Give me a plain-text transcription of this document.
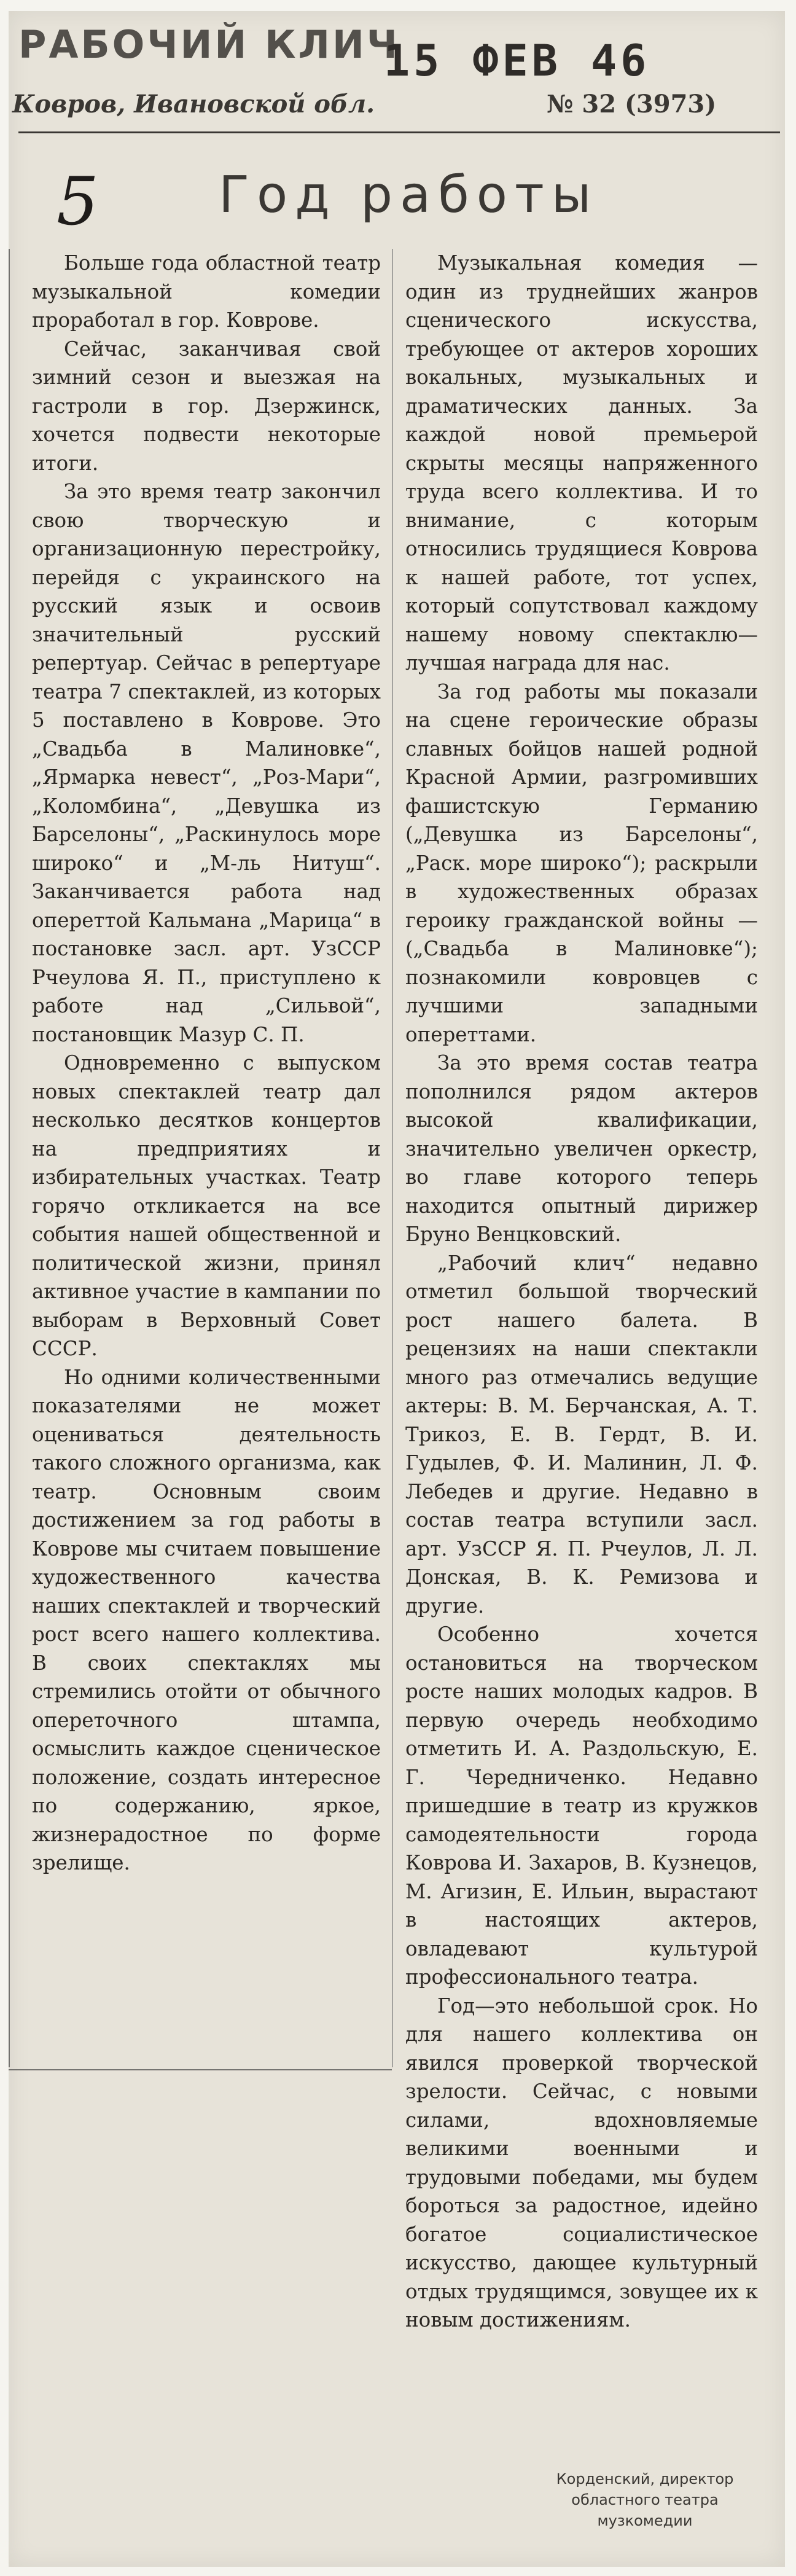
РАБОЧИЙ КЛИЧ
15 ФЕВ 46
Ковров, Ивановской обл.	№ 32 (3973)
5 Год работы

Больше года областной театр музыкальной комедии проработал в гор. Коврове.

Сейчас, заканчивая свой зимний сезон и выезжая на гастроли в гор. Дзержинск, хочется подвести некоторые итоги.

За это время театр закончил свою творческую и организационную перестройку, перейдя с украинского на русский язык и освоив значительный русский репертуар. Сейчас в репертуаре театра 7 спектаклей, из которых 5 поставлено в Коврове. Это „Свадьба в Малиновке“, „Ярмарка невест“, „Роз-Мари“, „Коломбина“, „Девушка из Барселоны“, „Раскинулось море широко“ и „М-ль Нитуш“. Заканчивается работа над опереттой Кальмана „Марица“ в постановке засл. арт. УзССР Рчеулова Я. П., приступлено к работе над „Сильвой“, постановщик Мазур С. П.

Одновременно с выпуском новых спектаклей театр дал несколько десятков концертов на предприятиях и избирательных участках. Театр горячо откликается на все события нашей общественной и политической жизни, принял активное участие в кампании по выборам в Верховный Совет СССР.

Но одними количественными показателями не может оцениваться деятельность такого сложного организма, как театр. Основным своим достижением за год работы в Коврове мы считаем повышение художественного качества наших спектаклей и творческий рост всего нашего коллектива. В своих спектаклях мы стремились отойти от обычного опереточного штампа, осмыслить каждое сценическое положение, создать интересное по содержанию, яркое, жизнерадостное по форме зрелище.

Музыкальная комедия — один из труднейших жанров сценического искусства, требующее от актеров хороших вокальных, музыкальных и драматических данных. За каждой новой премьерой скрыты месяцы напряженного труда всего коллектива. И то внимание, с которым относились трудящиеся Коврова к нашей работе, тот успех, который сопутствовал каждому нашему новому спектаклю— лучшая награда для нас.

За год работы мы показали на сцене героические образы славных бойцов нашей родной Красной Армии, разгромивших фашистскую Германию („Девушка из Барселоны“, „Раск. море широко“); раскрыли в художественных образах героику гражданской войны — („Свадьба в Малиновке“); познакомили ковровцев с лучшими западными опереттами.

За это время состав театра пополнился рядом актеров высокой квалификации, значительно увеличен оркестр, во главе которого теперь находится опытный дирижер Бруно Венцковский.

„Рабочий клич“ недавно отметил большой творческий рост нашего балета. В рецензиях на наши спектакли много раз отмечались ведущие актеры: В. М. Берчанская, А. Т. Трикоз, Е. В. Гердт, В. И. Гудылев, Ф. И. Малинин, Л. Ф. Лебедев и другие. Недавно в состав театра вступили засл. арт. УзССР Я. П. Рчеулов, Л. Л. Донская, В. К. Ремизова и другие.

Особенно хочется остановиться на творческом росте наших молодых кадров. В первую очередь необходимо отметить И. А. Раздольскую, Е. Г. Чередниченко. Недавно пришедшие в театр из кружков самодеятельности города Коврова И. Захаров, В. Кузнецов, М. Агизин, Е. Ильин, вырастают в настоящих актеров, овладевают культурой профессионального театра.

Год—это небольшой срок. Но для нашего коллектива он явился проверкой творческой зрелости. Сейчас, с новыми силами, вдохновляемые великими военными и трудовыми победами, мы будем бороться за радостное, идейно богатое социалистическое искусство, дающее культурный отдых трудящимся, зовущее их к новым достижениям.

Корденский, директор областного театра музкомедии
